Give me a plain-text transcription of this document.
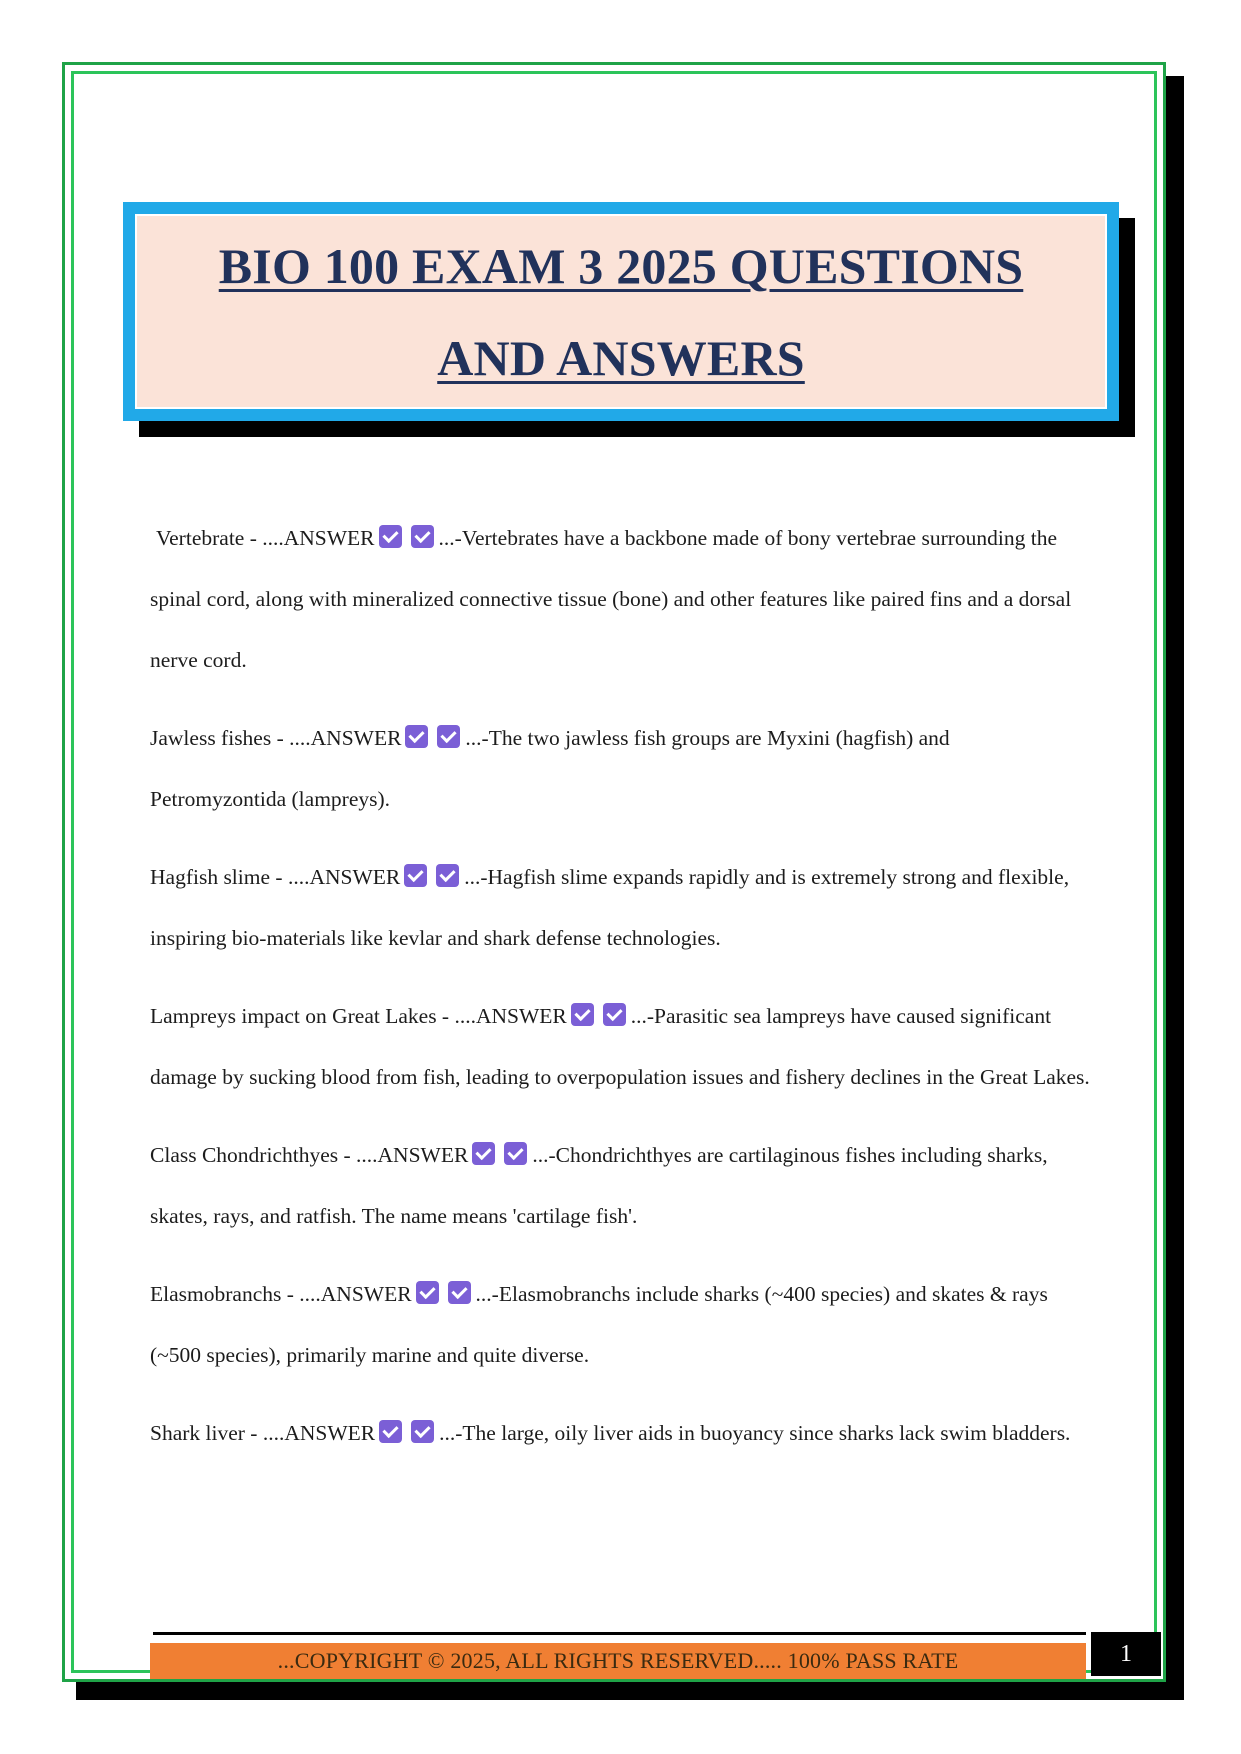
BIO 100 EXAM 3 2025 QUESTIONS
AND ANSWERS

Vertebrate - ....ANSWER	...-Vertebrates have a backbone made of bony vertebrae surrounding the spinal cord, along with mineralized connective tissue (bone) and other features like paired fins and a dorsal nerve cord.

Jawless fishes - ....ANSWER	...-The two jawless fish groups are Myxini (hagfish) and Petromyzontida (lampreys).

Hagfish slime - ....ANSWER	...-Hagfish slime expands rapidly and is extremely strong and flexible, inspiring bio-materials like kevlar and shark defense technologies.

Lampreys impact on Great Lakes - ....ANSWER	...-Parasitic sea lampreys have caused significant damage by sucking blood from fish, leading to overpopulation issues and fishery declines in the Great Lakes.

Class Chondrichthyes - ....ANSWER	...-Chondrichthyes are cartilaginous fishes including sharks, skates, rays, and ratfish. The name means 'cartilage fish'.

Elasmobranchs - ....ANSWER	...-Elasmobranchs include sharks (~400 species) and skates & rays (~500 species), primarily marine and quite diverse.

Shark liver - ....ANSWER	...-The large, oily liver aids in buoyancy since sharks lack swim bladders.

...COPYRIGHT © 2025, ALL RIGHTS RESERVED..... 100% PASS RATE	1
